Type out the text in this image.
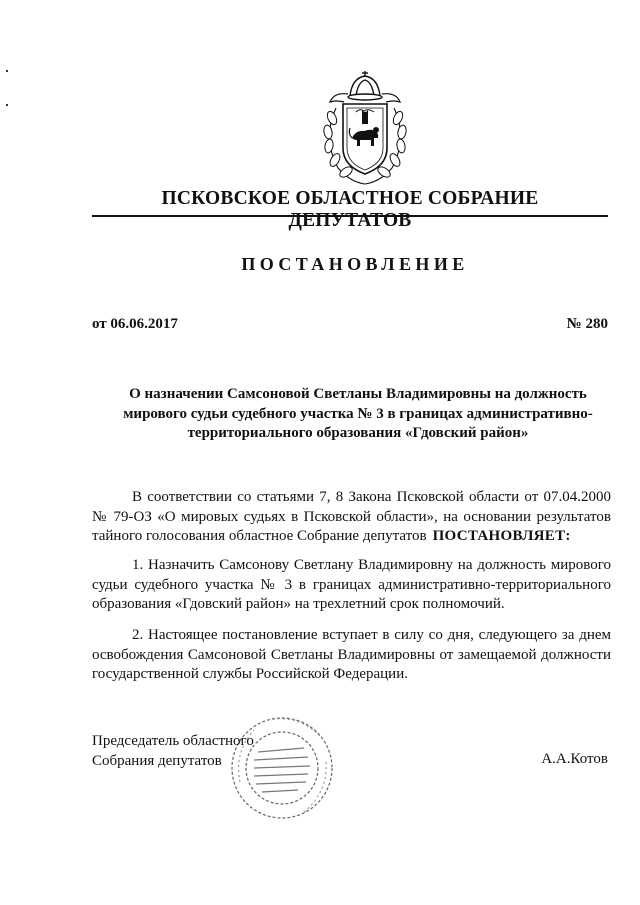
ПСКОВСКОЕ ОБЛАСТНОЕ СОБРАНИЕ ДЕПУТАТОВ
ПОСТАНОВЛЕНИЕ
от 06.06.2017	№ 280
О назначении Самсоновой Светланы Владимировны на должность
мирового судьи судебного участка № 3 в границах административно-
территориального образования «Гдовский район»
В соответствии со статьями 7, 8 Закона Псковской области от 07.04.2000
№ 79-ОЗ «О мировых судьях в Псковской области», на основании результатов
тайного голосования областное Собрание депутатов ПОСТАНОВЛЯЕТ:
1. Назначить Самсонову Светлану Владимировну на должность мирового
судьи судебного участка № 3 в границах административно-территориального
образования «Гдовский район» на трехлетний срок полномочий.
2. Настоящее постановление вступает в силу со дня, следующего за днем
освобождения Самсоновой Светланы Владимировны от замещаемой должности
государственной службы Российской Федерации.
Председатель областного
Собрания депутатов	А.А.Котов
